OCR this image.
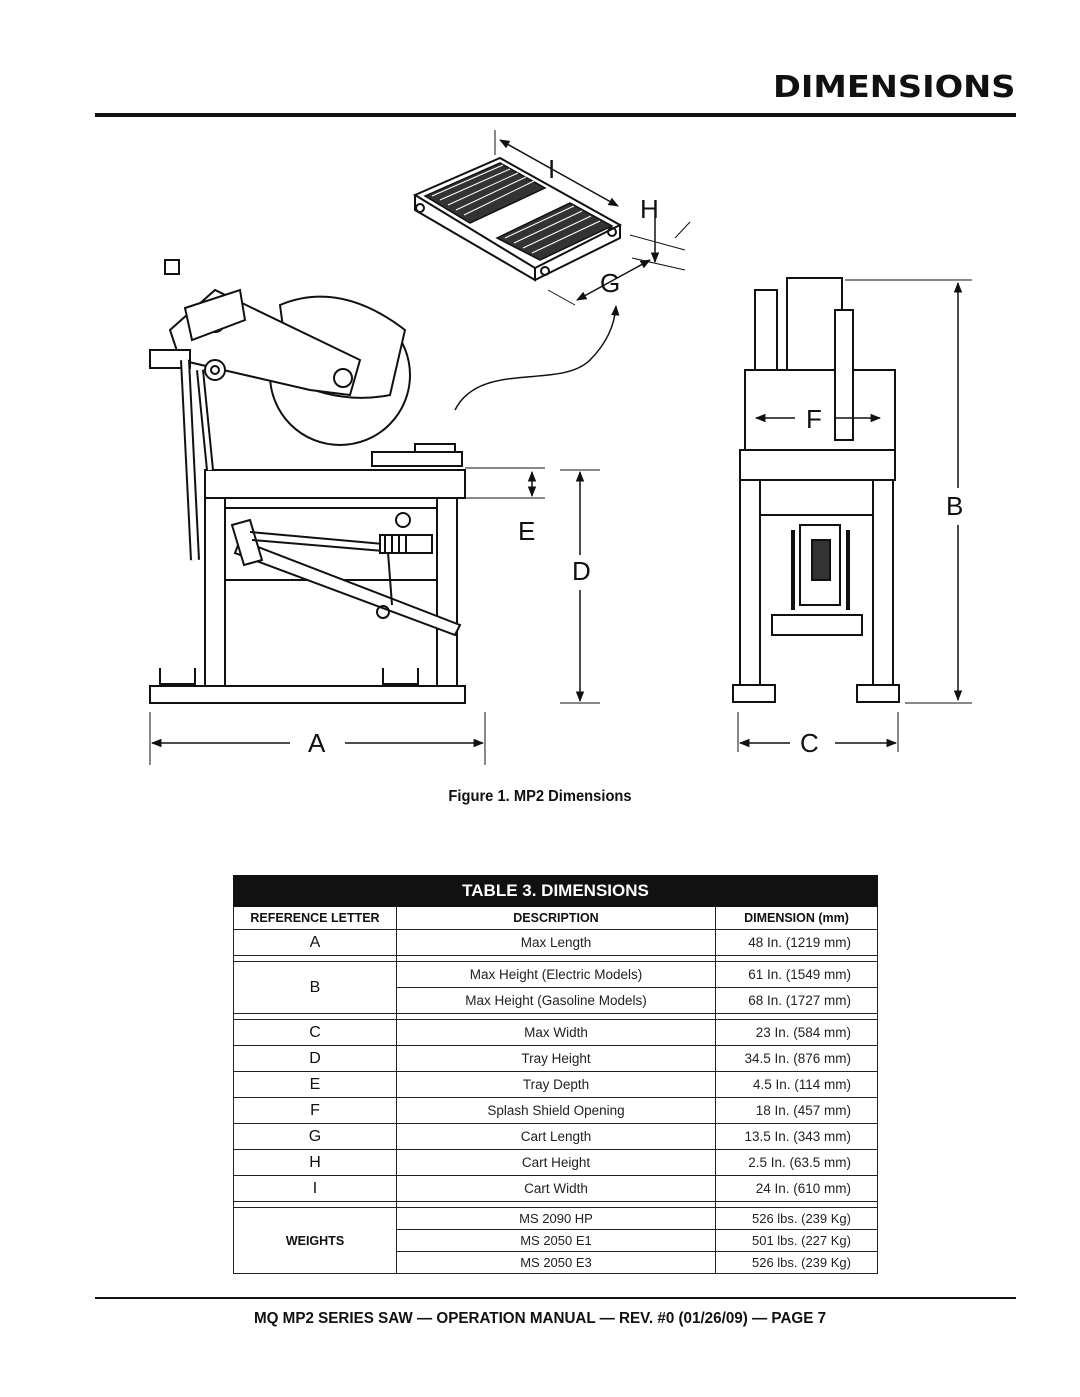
DIMENSIONS
I
H
G
E
D
A
F
B
C
Figure 1. MP2 Dimensions
TABLE 3. DIMENSIONS		
REFERENCE LETTER	DESCRIPTION	DIMENSION (mm)
A	Max Length	48 In. (1219 mm)

B	Max Height (Electric Models)	61 In. (1549 mm)
	Max Height (Gasoline Models)	68 In. (1727 mm)

C	Max Width	23 In. (584 mm)
D	Tray Height	34.5 In. (876 mm)
E	Tray Depth	4.5 In. (114 mm)
F	Splash Shield Opening	18 In. (457 mm)
G	Cart Length	13.5 In. (343 mm)
H	Cart Height	2.5 In. (63.5 mm)
I	Cart Width	24 In. (610 mm)

WEIGHTS	MS 2090 HP	526 lbs. (239 Kg)
	MS 2050 E1	501 lbs. (227 Kg)
	MS 2050 E3	526 lbs. (239 Kg)
MQ MP2 SERIES SAW — OPERATION MANUAL — REV. #0 (01/26/09) — PAGE 7
